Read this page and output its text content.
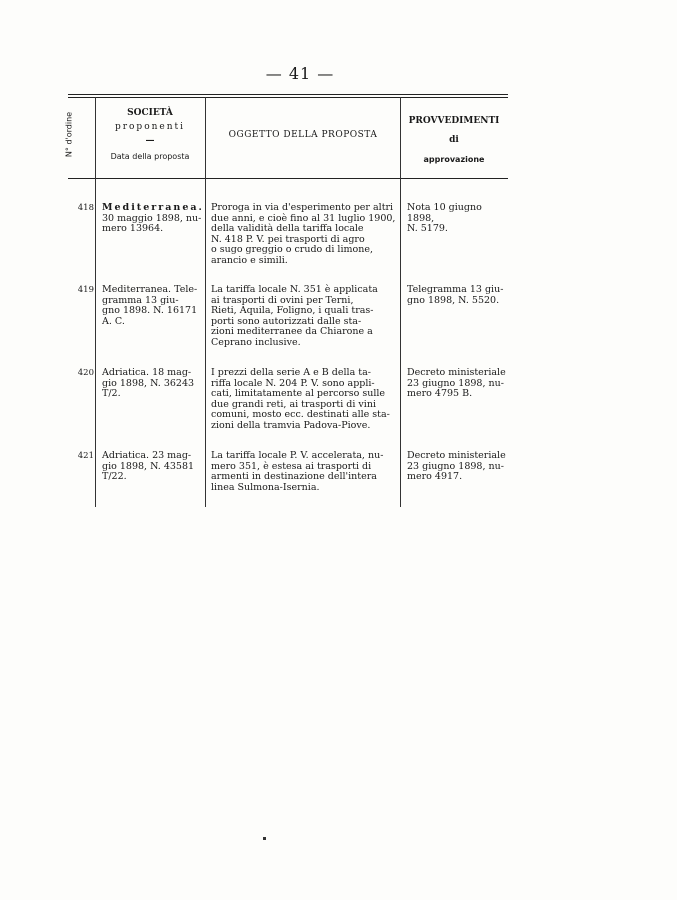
— 41 —
N° d'ordine	SOCIETÀ
proponenti
—
Data della proposta
OGGETTO DELLA PROPOSTA
PROVVEDIMENTI
di
approvazione
418 Mediterranea.
30 maggio 1898, nu-
mero 13964.
Proroga in via d'esperimento per altri
due anni, e cioè fino al 31 luglio 1900,
della validità della tariffa locale
N. 418 P. V. pei trasporti di agro
o sugo greggio o crudo di limone,
arancio e simili.
Nota 10 giugno 1898,
N. 5179.
419 Mediterranea. Tele-
gramma 13 giu-
gno 1898. N. 16171
A. C.
La tariffa locale N. 351 è applicata
ai trasporti di ovini per Terni,
Rieti, Aquila, Foligno, i quali tras-
porti sono autorizzati dalle sta-
zioni mediterranee da Chiarone a
Ceprano inclusive.
Telegramma 13 giu-
gno 1898, N. 5520.
420 Adriatica. 18 mag-
gio 1898, N. 36243
T/2.
I prezzi della serie A e B della ta-
riffa locale N. 204 P. V. sono appli-
cati, limitatamente al percorso sulle
due grandi reti, ai trasporti di vini
comuni, mosto ecc. destinati alle sta-
zioni della tramvia Padova-Piove.
Decreto ministeriale
23 giugno 1898, nu-
mero 4795 B.
421 Adriatica. 23 mag-
gio 1898, N. 43581
T/22.
La tariffa locale P. V. accelerata, nu-
mero 351, è estesa ai trasporti di
armenti in destinazione dell'intera
linea Sulmona-Isernia.
Decreto ministeriale
23 giugno 1898, nu-
mero 4917.
